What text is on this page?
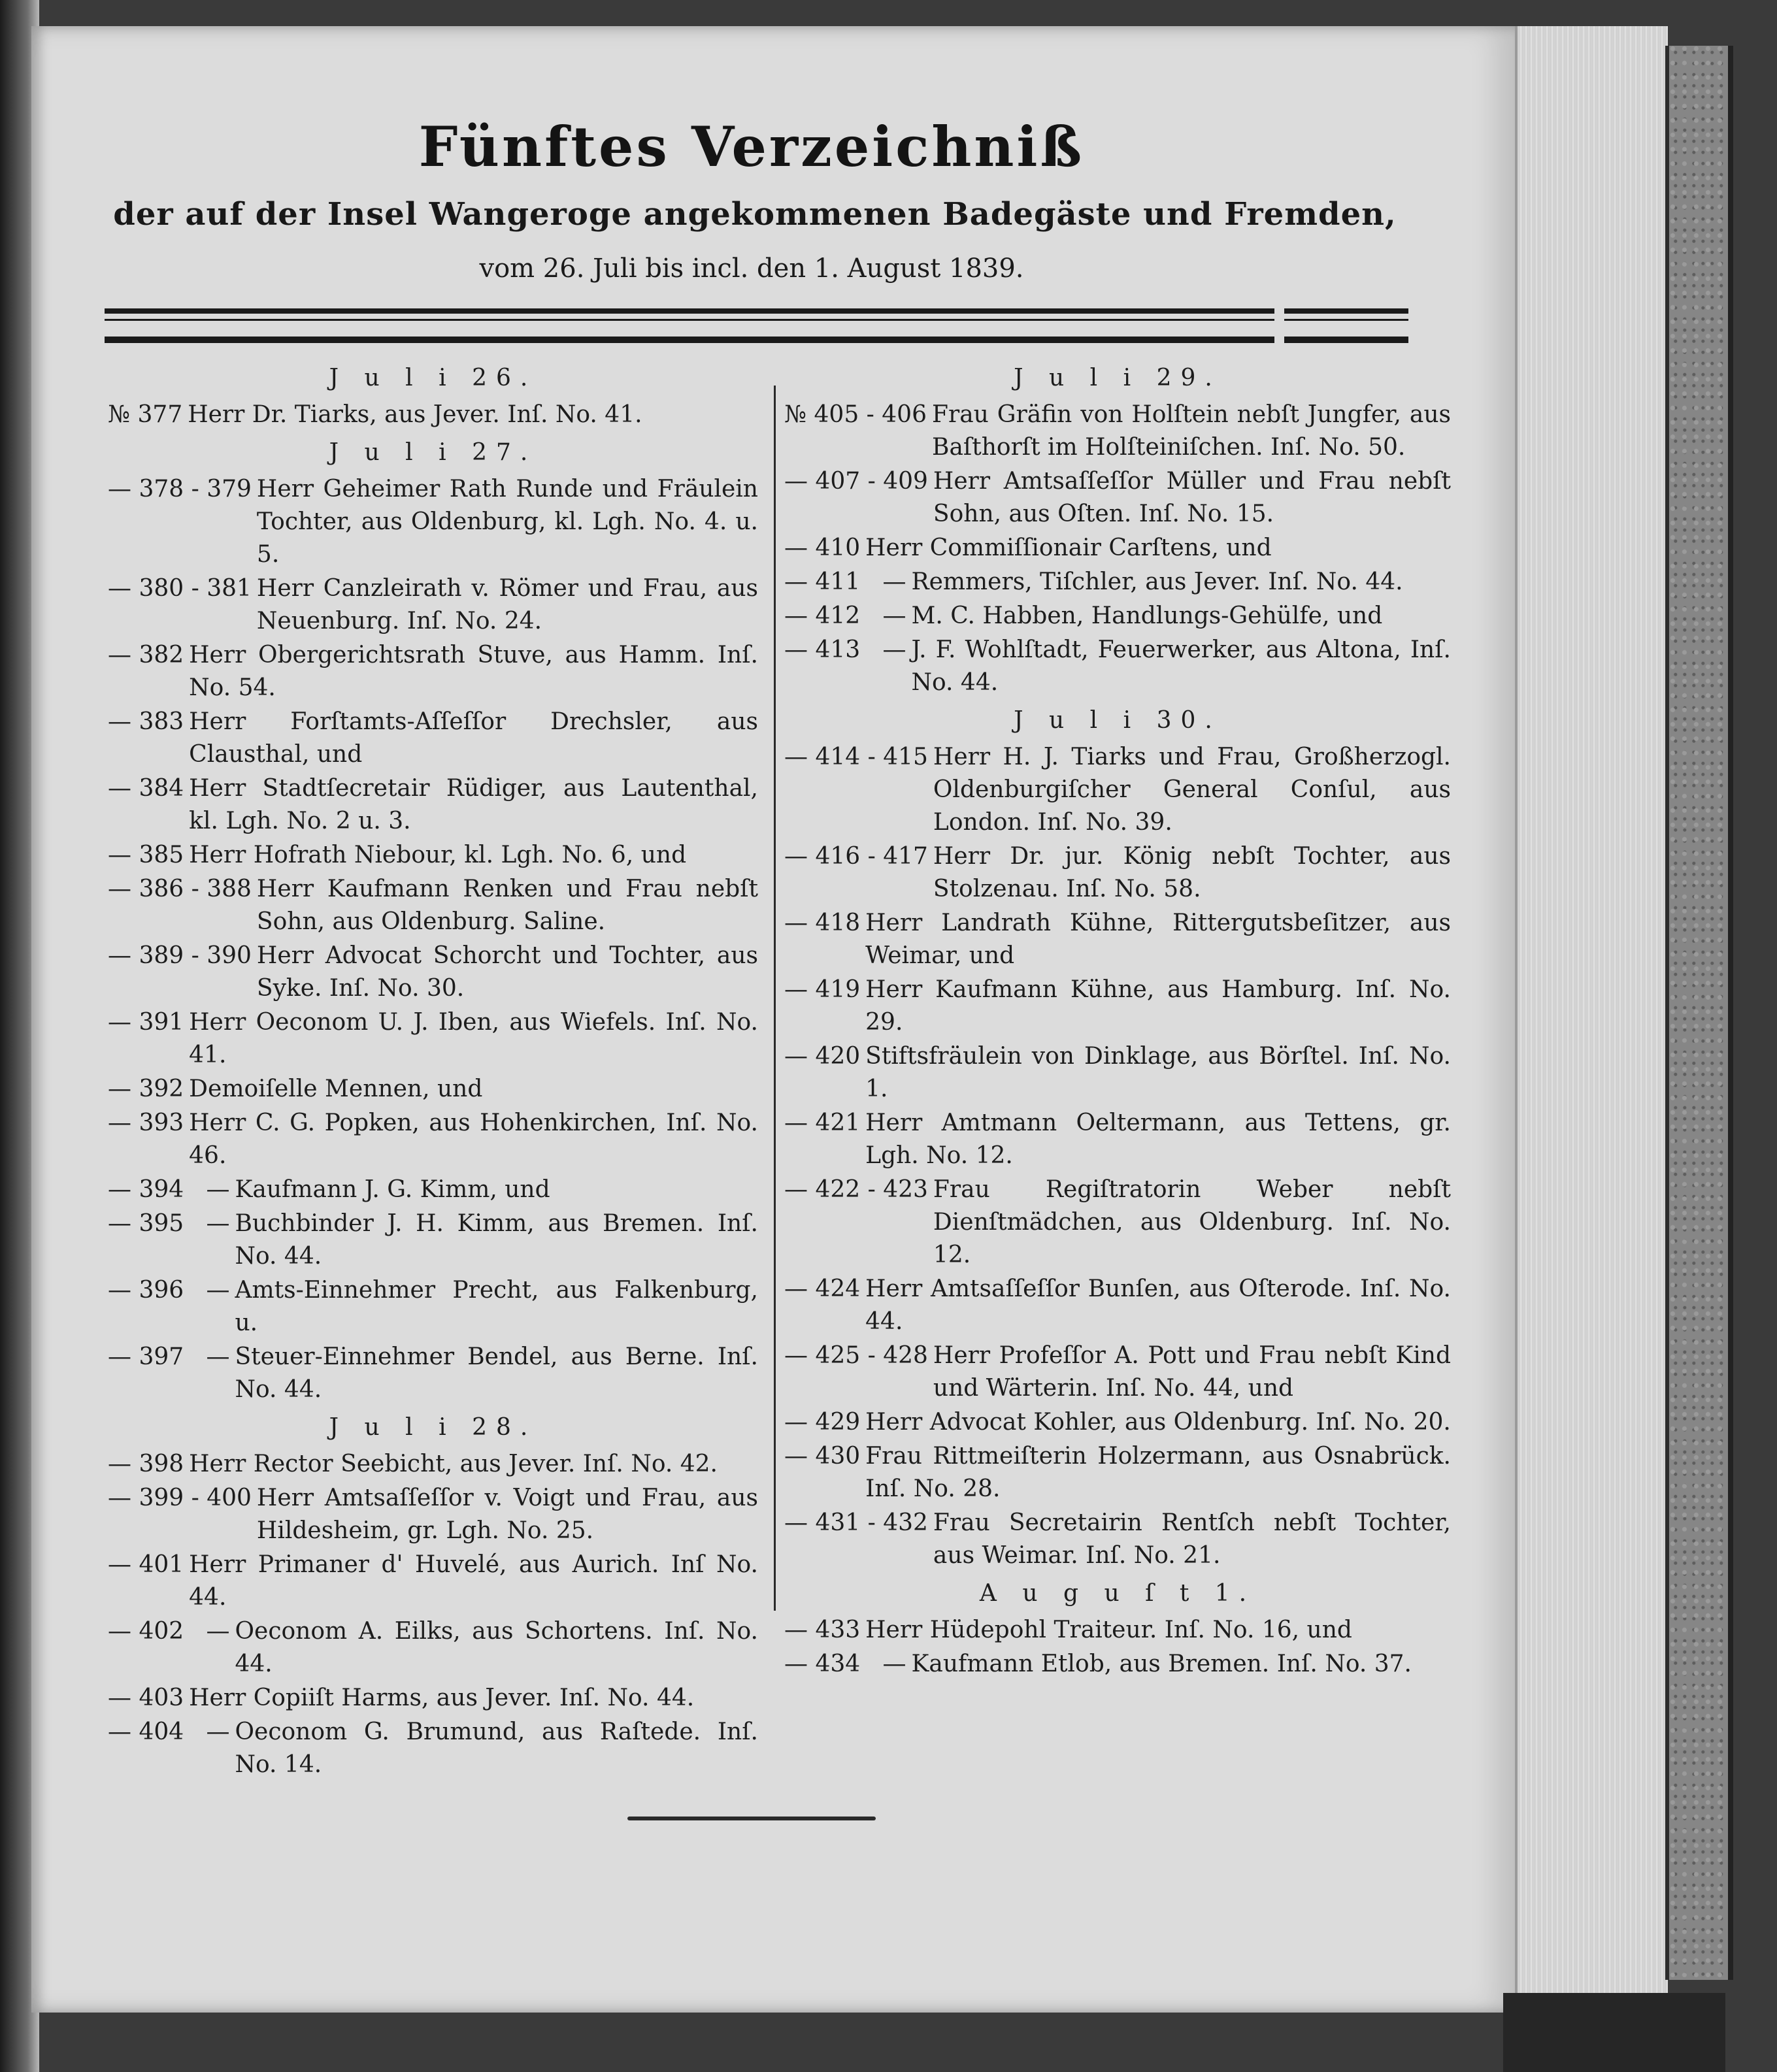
Fünftes Verzeichniß
der auf der Insel Wangeroge angekommenen Badegäste und Fremden,
vom 26. Juli bis incl. den 1. August 1839.
J u l i 26.
№ 377 Herr Dr. Tiarks, aus Jever. Inſ. No. 41.
J u l i 27.
— 378 - 379 Herr Geheimer Rath Runde und Fräulein Tochter, aus Oldenburg, kl. Lgh. No. 4. u. 5.
— 380 - 381 Herr Canzleirath v. Römer und Frau, aus Neuenburg. Inſ. No. 24.
— 382 Herr Obergerichtsrath Stuve, aus Hamm. Inſ. No. 54.
— 383 Herr Forſtamts-Aſſeſſor Drechsler, aus Clausthal, und
— 384 Herr Stadtſecretair Rüdiger, aus Lautenthal, kl. Lgh. No. 2 u. 3.
— 385 Herr Hofrath Niebour, kl. Lgh. No. 6, und
— 386 - 388 Herr Kaufmann Renken und Frau nebſt Sohn, aus Oldenburg. Saline.
— 389 - 390 Herr Advocat Schorcht und Tochter, aus Syke. Inſ. No. 30.
— 391 Herr Oeconom U. J. Iben, aus Wiefels. Inſ. No. 41.
— 392 Demoiſelle Mennen, und
— 393 Herr C. G. Popken, aus Hohenkirchen, Inſ. No. 46.
— 394   — Kaufmann J. G. Kimm, und
— 395   — Buchbinder J. H. Kimm, aus Bremen. Inſ. No. 44.
— 396   — Amts-Einnehmer Precht, aus Falkenburg, u.
— 397   — Steuer-Einnehmer Bendel, aus Berne. Inſ. No. 44.
J u l i 28.
— 398 Herr Rector Seebicht, aus Jever. Inſ. No. 42.
— 399 - 400 Herr Amtsaſſeſſor v. Voigt und Frau, aus Hildesheim, gr. Lgh. No. 25.
— 401 Herr Primaner d' Huvelé, aus Aurich. Inſ No. 44.
— 402   — Oeconom A. Eilks, aus Schortens. Inſ. No. 44.
— 403 Herr Copiiſt Harms, aus Jever. Inſ. No. 44.
— 404   — Oeconom G. Brumund, aus Raſtede. Inſ. No. 14.
J u l i 29.
№ 405 - 406 Frau Gräfin von Holſtein nebſt Jungfer, aus Baſthorſt im Holſteiniſchen. Inſ. No. 50.
— 407 - 409 Herr Amtsaſſeſſor Müller und Frau nebſt Sohn, aus Oſten. Inſ. No. 15.
— 410 Herr Commiſſionair Carſtens, und
— 411   — Remmers, Tiſchler, aus Jever. Inſ. No. 44.
— 412   — M. C. Habben, Handlungs-Gehülfe, und
— 413   — J. F. Wohlſtadt, Feuerwerker, aus Altona, Inſ. No. 44.
J u l i 30.
— 414 - 415 Herr H. J. Tiarks und Frau, Großherzogl. Oldenburgiſcher General Conſul, aus London. Inſ. No. 39.
— 416 - 417 Herr Dr. jur. König nebſt Tochter, aus Stolzenau. Inſ. No. 58.
— 418 Herr Landrath Kühne, Rittergutsbeſitzer, aus Weimar, und
— 419 Herr Kaufmann Kühne, aus Hamburg. Inſ. No. 29.
— 420 Stiftsfräulein von Dinklage, aus Börſtel. Inſ. No. 1.
— 421 Herr Amtmann Oeltermann, aus Tettens, gr. Lgh. No. 12.
— 422 - 423 Frau Regiſtratorin Weber nebſt Dienſtmädchen, aus Oldenburg. Inſ. No. 12.
— 424 Herr Amtsaſſeſſor Bunſen, aus Oſterode. Inſ. No. 44.
— 425 - 428 Herr Profeſſor A. Pott und Frau nebſt Kind und Wärterin. Inſ. No. 44, und
— 429 Herr Advocat Kohler, aus Oldenburg. Inſ. No. 20.
— 430 Frau Rittmeiſterin Holzermann, aus Osnabrück. Inſ. No. 28.
— 431 - 432 Frau Secretairin Rentſch nebſt Tochter, aus Weimar. Inſ. No. 21.
A u g u ſ t 1.
— 433 Herr Hüdepohl Traiteur. Inſ. No. 16, und
— 434   — Kaufmann Etlob, aus Bremen. Inſ. No. 37.
